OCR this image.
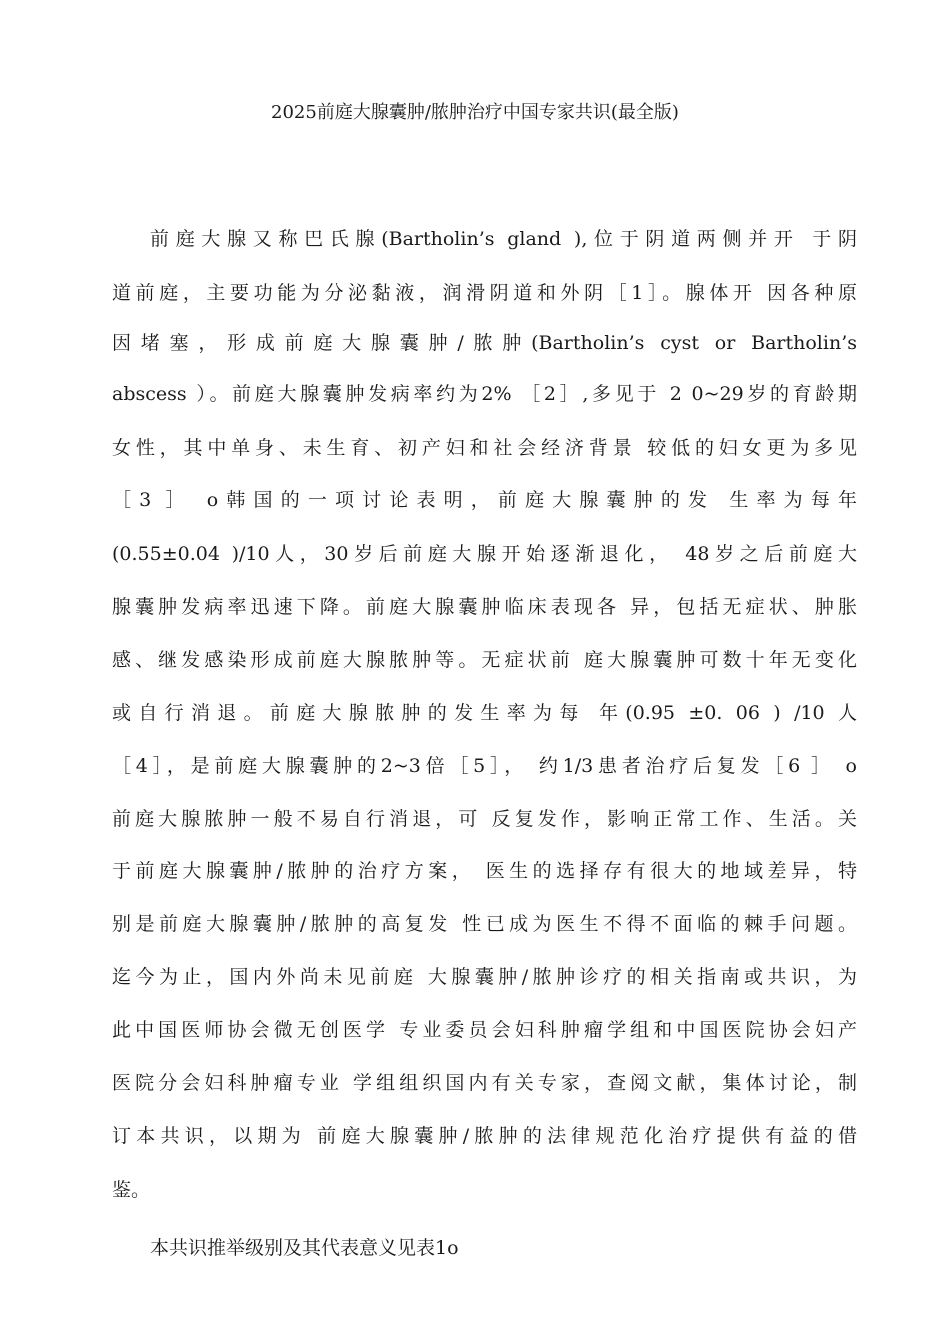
2025前庭大腺囊肿/脓肿治疗中国专家共识(最全版)
前庭大腺又称巴氏腺(Bartholin’s gland ),位于阴道两侧并开 于阴
道前庭，主要功能为分泌黏液，润滑阴道和外阴［1］。腺体开 因各种原
因堵塞，形成前庭大腺囊肿/脓肿(Bartholin’s cyst or Bartholin’s
abscess ）。前庭大腺囊肿发病率约为2% ［2］,多见于 2 0~29岁的育龄期
女性，其中单身、未生育、初产妇和社会经济背景 较低的妇女更为多见
［3 ］ o韩国的一项讨论表明，前庭大腺囊肿的发 生率为每年
(0.55±0.04 )/10人，30岁后前庭大腺开始逐渐退化， 48岁之后前庭大
腺囊肿发病率迅速下降。前庭大腺囊肿临床表现各 异，包括无症状、肿胀
感、继发感染形成前庭大腺脓肿等。无症状前 庭大腺囊肿可数十年无变化
或自行消退。前庭大腺脓肿的发生率为每 年(0.95 ±0. 06 ) /10 人
［4］，是前庭大腺囊肿的2~3倍［5］， 约1/3患者治疗后复发［6 ］ o
前庭大腺脓肿一般不易自行消退，可 反复发作，影响正常工作、生活。关
于前庭大腺囊肿/脓肿的治疗方案， 医生的选择存有很大的地域差异，特
别是前庭大腺囊肿/脓肿的高复发 性已成为医生不得不面临的棘手问题。
迄今为止，国内外尚未见前庭 大腺囊肿/脓肿诊疗的相关指南或共识，为
此中国医师协会微无创医学 专业委员会妇科肿瘤学组和中国医院协会妇产
医院分会妇科肿瘤专业 学组组织国内有关专家，查阅文献，集体讨论，制
订本共识，以期为 前庭大腺囊肿/脓肿的法律规范化治疗提供有益的借
鉴。
本共识推举级别及其代表意义见表1o
